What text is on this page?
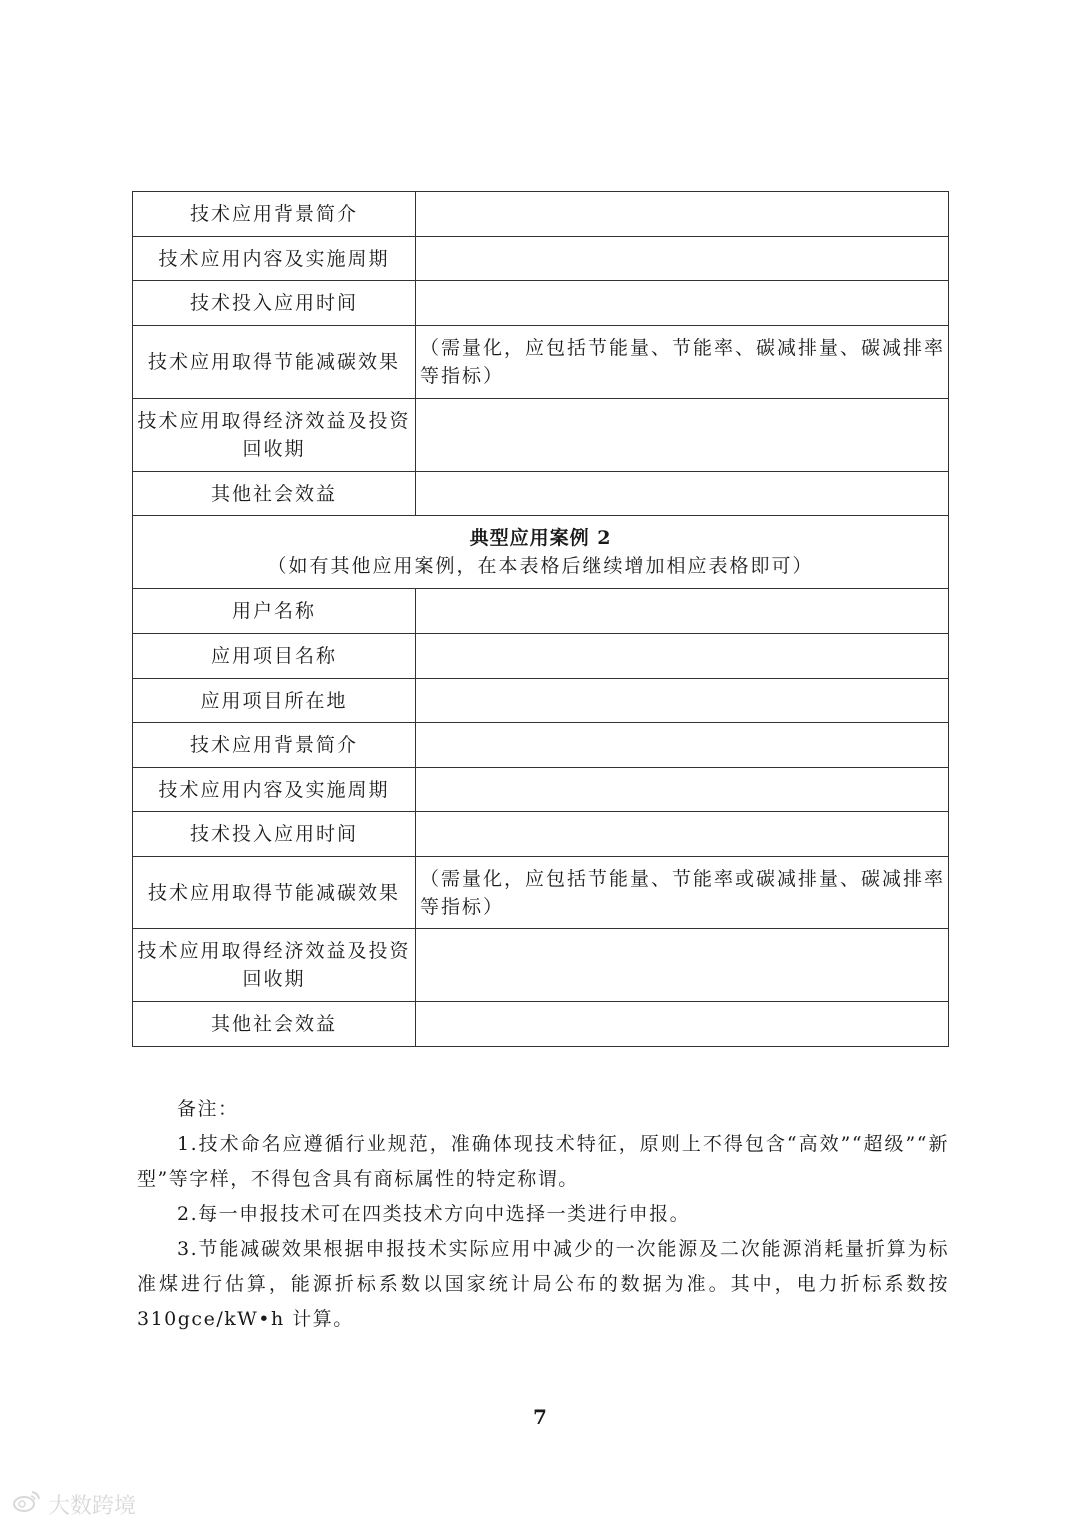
技术应用背景简介	
技术应用内容及实施周期	
技术投入应用时间	
技术应用取得节能减碳效果	（需量化，应包括节能量、节能率、碳减排量、碳减排率等指标）
技术应用取得经济效益及投资回收期	
其他社会效益	

典型应用案例 2
（如有其他应用案例，在本表格后继续增加相应表格即可）	

用户名称	
应用项目名称	
应用项目所在地	
技术应用背景简介	
技术应用内容及实施周期	
技术投入应用时间	
技术应用取得节能减碳效果	（需量化，应包括节能量、节能率或碳减排量、碳减排率等指标）
技术应用取得经济效益及投资回收期	
其他社会效益	

备注：

1.技术命名应遵循行业规范，准确体现技术特征，原则上不得包含“高效”“超级”“新型”等字样，不得包含具有商标属性的特定称谓。

2.每一申报技术可在四类技术方向中选择一类进行申报。

3.节能减碳效果根据申报技术实际应用中减少的一次能源及二次能源消耗量折算为标准煤进行估算，能源折标系数以国家统计局公布的数据为准。其中，电力折标系数按 310gce/kW•h 计算。

7
大数跨境
